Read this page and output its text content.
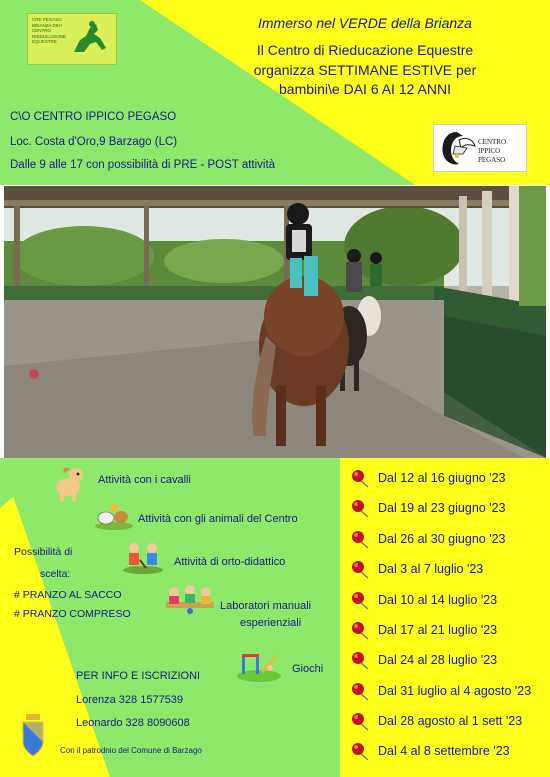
CRE PEGASO BRIANZA DEH CENTRO RIEDUCAZIONE EQUESTRE
Immerso nel VERDE della Brianza
Il Centro di Rieducazione Equestre
organizza SETTIMANE ESTIVE per
bambini\e DAI 6 AI 12 ANNI
C\O CENTRO IPPICO PEGASO
Loc. Costa d'Oro,9 Barzago (LC)
Dalle 9 alle 17 con possibilità di PRE - POST attività
CENTRO
IPPICO
PEGASO
Attività con i cavalli
Attività con gli animali del Centro
Attività di orto-didattico
Laboratori manuali
esperienziali
Giochi
Possibilità di
scelta:
# PRANZO AL SACCO
# PRANZO COMPRESO
PER INFO E ISCRIZIONI
Lorenza 328 1577539
Leonardo 328 8090608
Con il patrodnio del Comune di Barzago
Dal 12 al 16 giugno '23
Dal 19 al 23 giugno '23
Dal 26 al 30 giugno '23
Dal 3 al 7 luglio '23
Dal 10 al 14 luglio '23
Dal 17 al 21 luglio '23
Dal 24 al 28 luglio '23
Dal 31 luglio al 4 agosto '23
Dal 28 agosto al 1 sett '23
Dal 4 al 8 settembre '23
